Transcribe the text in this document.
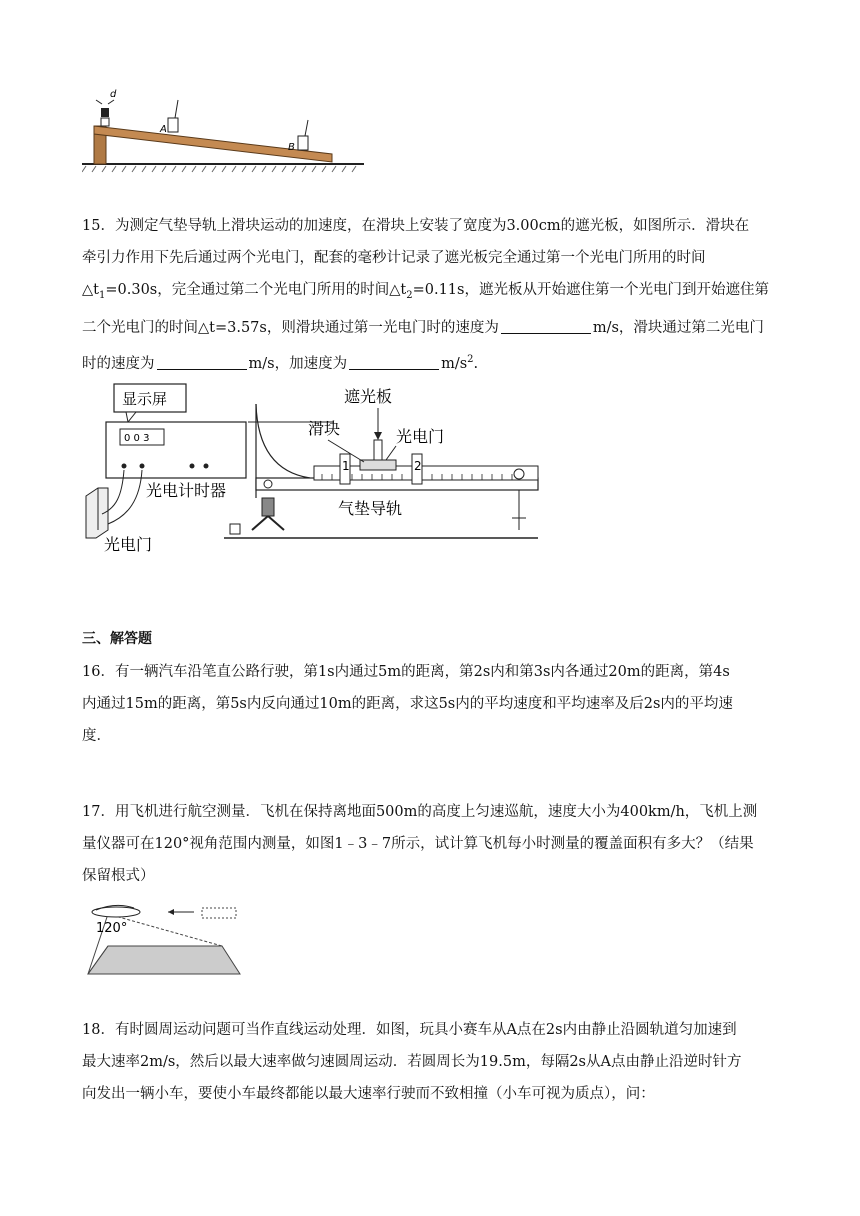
d
A
B

15．为测定气垫导轨上滑块运动的加速度，在滑块上安装了宽度为3.00cm的遮光板，如图所示．滑块在
牵引力作用下先后通过两个光电门，配套的毫秒计记录了遮光板完全通过第一个光电门所用的时间
$\triangle t_1=0.30s$，完全通过第二个光电门所用的时间$\triangle t_2=0.11s$，遮光板从开始遮住第一个光电门到开始遮住第
二个光电门的时间△t=3.57s，则滑块通过第一光电门时的速度为	m/s，滑块通过第二光电门
时的速度为	m/s，加速度为	$m/s^2$.

显示屏
0 0 3
光电计时器
光电门
1	2
遮光板
滑块	光电门
气垫导轨

三、解答题

16．有一辆汽车沿笔直公路行驶，第1s内通过5m的距离，第2s内和第3s内各通过20m的距离，第4s
内通过15m的距离，第5s内反向通过10m的距离，求这5s内的平均速度和平均速率及后2s内的平均速
度．

17．用飞机进行航空测量．飞机在保持离地面500m的高度上匀速巡航，速度大小为400km/h，飞机上测
量仪器可在120°视角范围内测量，如图1﹣3﹣7所示，试计算飞机每小时测量的覆盖面积有多大？（结果
保留根式）

120°

18．有时圆周运动问题可当作直线运动处理．如图，玩具小赛车从A点在2s内由静止沿圆轨道匀加速到
最大速率2m/s，然后以最大速率做匀速圆周运动．若圆周长为19.5m，每隔2s从A点由静止沿逆时针方
向发出一辆小车，要使小车最终都能以最大速率行驶而不致相撞（小车可视为质点），问：
